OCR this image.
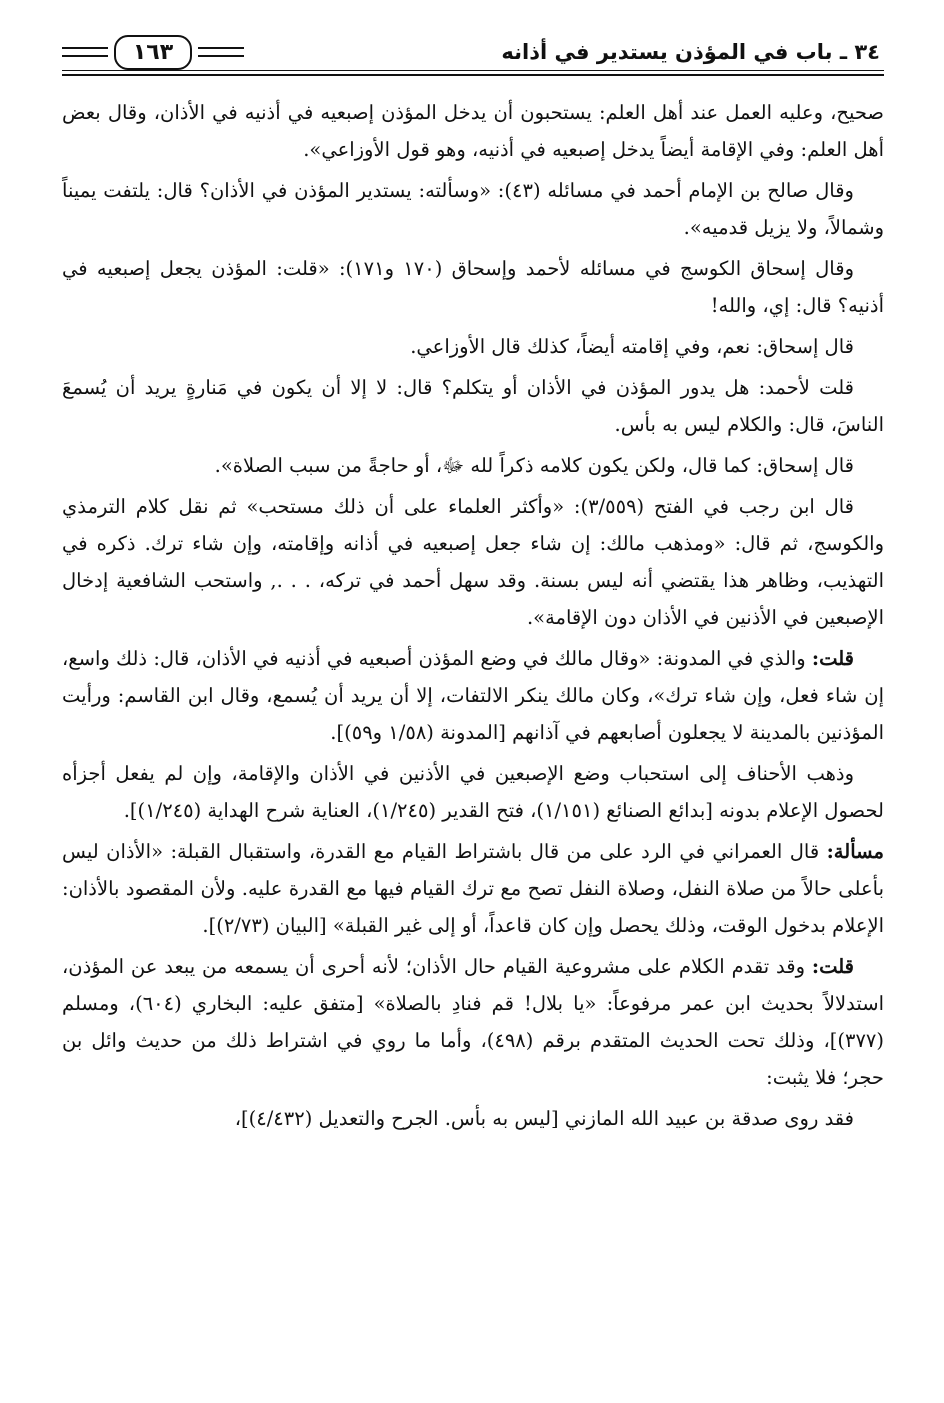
٣٤ ـ باب في المؤذن يستدير في أذانه
١٦٣

صحيح، وعليه العمل عند أهل العلم: يستحبون أن يدخل المؤذن إصبعيه في أذنيه في الأذان، وقال بعض أهل العلم: وفي الإقامة أيضاً يدخل إصبعيه في أذنيه، وهو قول الأوزاعي».

وقال صالح بن الإمام أحمد في مسائله (٤٣): «وسألته: يستدير المؤذن في الأذان؟ قال: يلتفت يميناً وشمالاً، ولا يزيل قدميه».

وقال إسحاق الكوسج في مسائله لأحمد وإسحاق (١٧٠ و١٧١): «قلت: المؤذن يجعل إصبعيه في أذنيه؟ قال: إي، والله!

قال إسحاق: نعم، وفي إقامته أيضاً، كذلك قال الأوزاعي.

قلت لأحمد: هل يدور المؤذن في الأذان أو يتكلم؟ قال: لا إلا أن يكون في مَنارةٍ يريد أن يُسمعَ الناسَ، قال: والكلام ليس به بأس.

قال إسحاق: كما قال، ولكن يكون كلامه ذكراً لله ﷻ، أو حاجةً من سبب الصلاة».

قال ابن رجب في الفتح (٣/٥٥٩): «وأكثر العلماء على أن ذلك مستحب» ثم نقل كلام الترمذي والكوسج، ثم قال: «ومذهب مالك: إن شاء جعل إصبعيه في أذانه وإقامته، وإن شاء ترك. ذكره في التهذيب، وظاهر هذا يقتضي أنه ليس بسنة. وقد سهل أحمد في تركه، . . ., واستحب الشافعية إدخال الإصبعين في الأذنين في الأذان دون الإقامة».

قلت: والذي في المدونة: «وقال مالك في وضع المؤذن أصبعيه في أذنيه في الأذان، قال: ذلك واسع، إن شاء فعل، وإن شاء ترك»، وكان مالك ينكر الالتفات، إلا أن يريد أن يُسمع، وقال ابن القاسم: ورأيت المؤذنين بالمدينة لا يجعلون أصابعهم في آذانهم [المدونة (١/٥٨ و٥٩)].

وذهب الأحناف إلى استحباب وضع الإصبعين في الأذنين في الأذان والإقامة، وإن لم يفعل أجزأه لحصول الإعلام بدونه [بدائع الصنائع (١/١٥١)، فتح القدير (١/٢٤٥)، العناية شرح الهداية (١/٢٤٥)].

مسألة: قال العمراني في الرد على من قال باشتراط القيام مع القدرة، واستقبال القبلة: «الأذان ليس بأعلى حالاً من صلاة النفل، وصلاة النفل تصح مع ترك القيام فيها مع القدرة عليه. ولأن المقصود بالأذان: الإعلام بدخول الوقت، وذلك يحصل وإن كان قاعداً، أو إلى غير القبلة» [البيان (٢/٧٣)].

قلت: وقد تقدم الكلام على مشروعية القيام حال الأذان؛ لأنه أحرى أن يسمعه من يبعد عن المؤذن، استدلالاً بحديث ابن عمر مرفوعاً: «يا بلال! قم فنادِ بالصلاة» [متفق عليه: البخاري (٦٠٤)، ومسلم (٣٧٧)]، وذلك تحت الحديث المتقدم برقم (٤٩٨)، وأما ما روي في اشتراط ذلك من حديث وائل بن حجر؛ فلا يثبت:

فقد روى صدقة بن عبيد الله المازني [ليس به بأس. الجرح والتعديل (٤/٤٣٢)]،
